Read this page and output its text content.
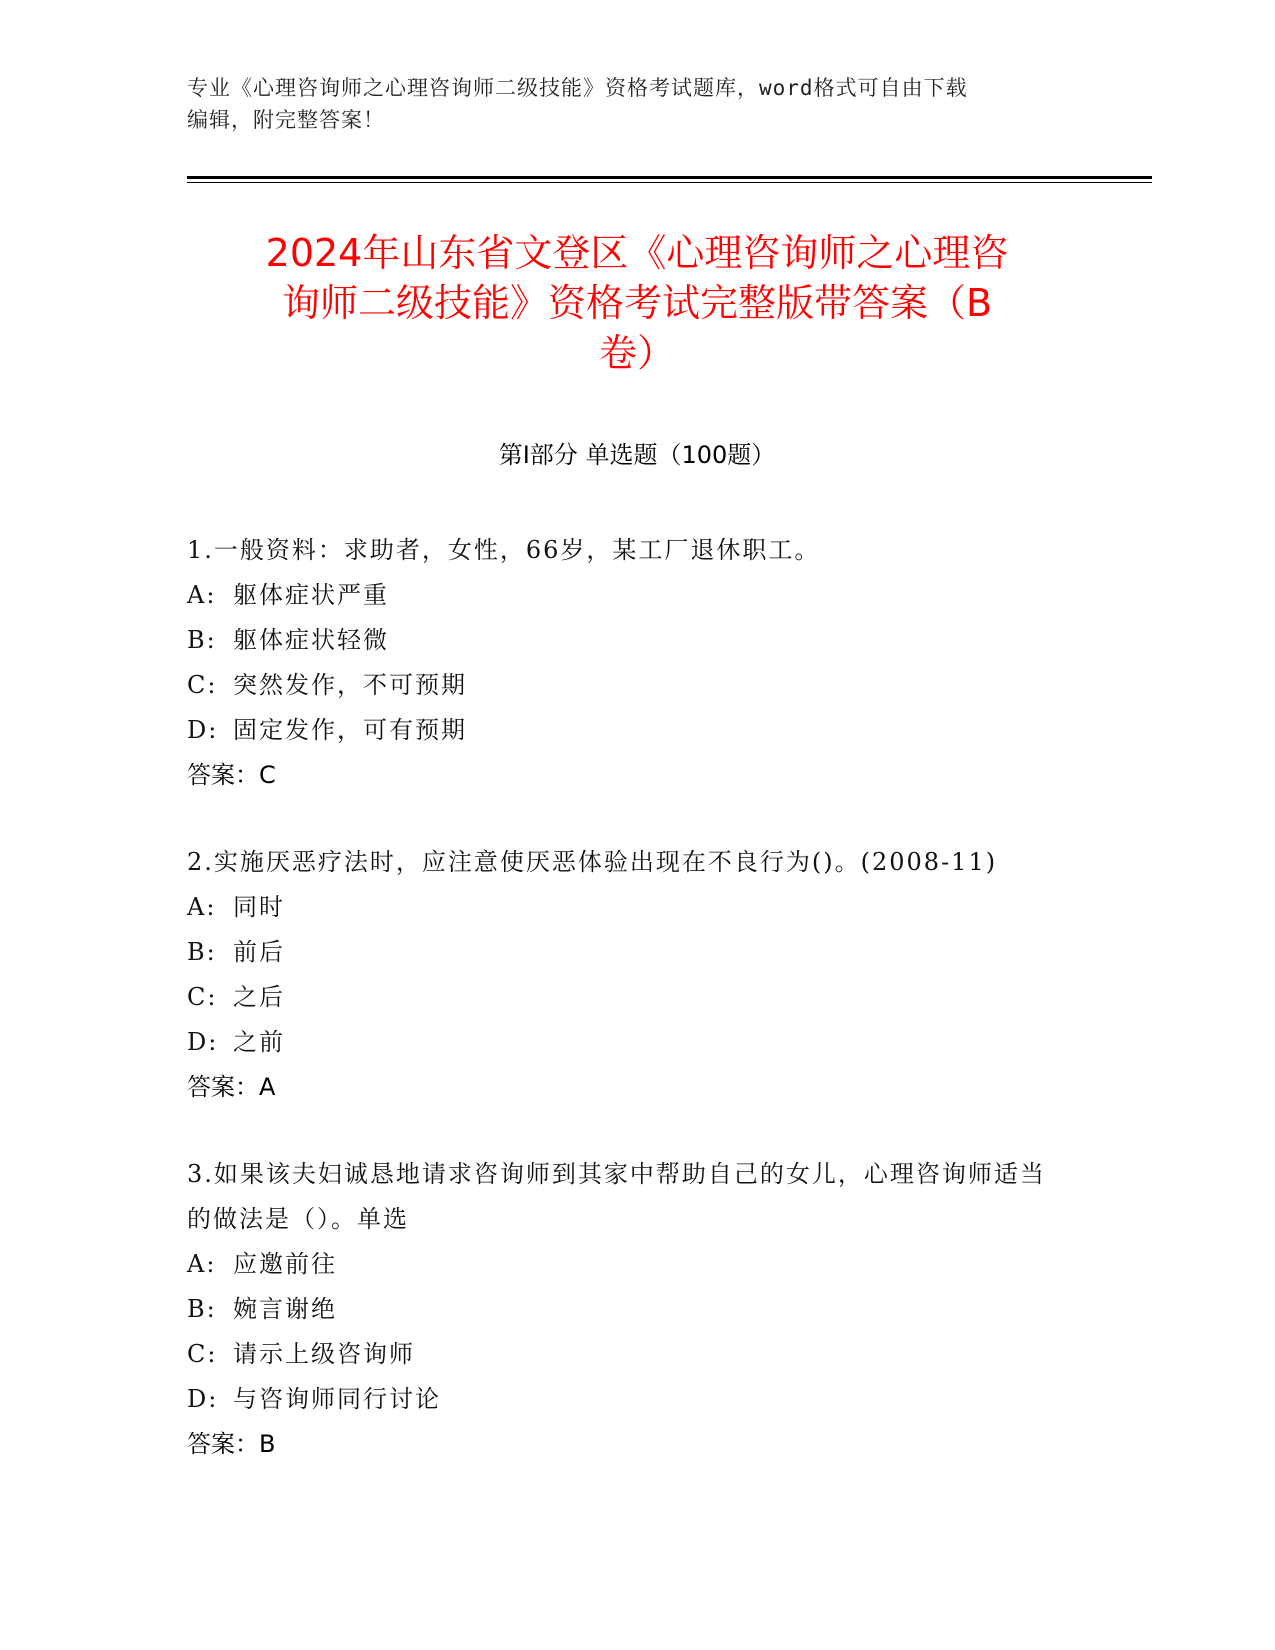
专业《心理咨询师之心理咨询师二级技能》资格考试题库，word格式可自由下载
编辑，附完整答案！
2024年山东省文登区《心理咨询师之心理咨
询师二级技能》资格考试完整版带答案（B
卷）
第Ⅰ部分 单选题（100题）
1.一般资料：求助者，女性，66岁，某工厂退休职工。
A: 躯体症状严重
B: 躯体症状轻微
C: 突然发作，不可预期
D: 固定发作，可有预期
答案：C
2.实施厌恶疗法时，应注意使厌恶体验出现在不良行为()。(2008-11)
A: 同时
B: 前后
C: 之后
D: 之前
答案：A
3.如果该夫妇诚恳地请求咨询师到其家中帮助自己的女儿，心理咨询师适当的做法是（）。单选
A: 应邀前往
B: 婉言谢绝
C: 请示上级咨询师
D: 与咨询师同行讨论
答案：B
